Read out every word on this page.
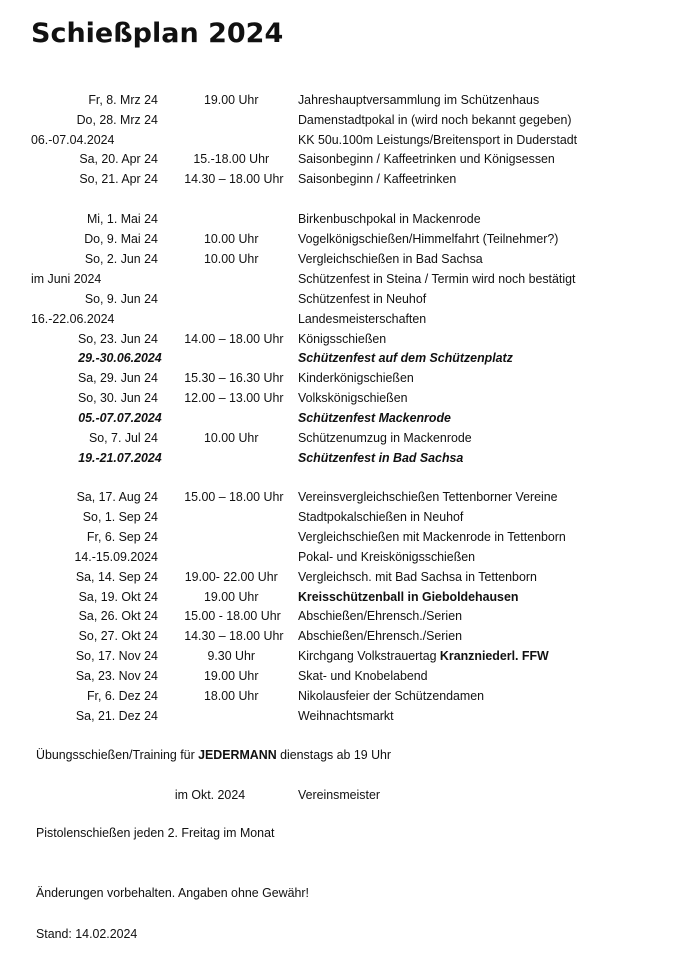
Schießplan 2024
Fr, 8. Mrz 24	19.00 Uhr	Jahreshauptversammlung im Schützenhaus
Do, 28. Mrz 24	Damenstadtpokal in (wird noch bekannt gegeben)
06.-07.04.2024	KK 50u.100m Leistungs/Breitensport in Duderstadt
Sa, 20. Apr 24	15.-18.00 Uhr	Saisonbeginn / Kaffeetrinken und Königsessen
So, 21. Apr 24 14.30 – 18.00 Uhr Saisonbeginn / Kaffeetrinken
Mi, 1. Mai 24	Birkenbuschpokal in Mackenrode
Do, 9. Mai 24	10.00 Uhr	Vogelkönigschießen/Himmelfahrt (Teilnehmer?)
So, 2. Jun 24	10.00 Uhr	Vergleichschießen in Bad Sachsa
im Juni 2024	Schützenfest in Steina / Termin wird noch bestätigt
So, 9. Jun 24	Schützenfest in Neuhof
16.-22.06.2024	Landesmeisterschaften
So, 23. Jun 24 14.00 – 18.00 Uhr Königsschießen
29.-30.06.2024	Schützenfest auf dem Schützenplatz
Sa, 29. Jun 24 15.30 – 16.30 Uhr Kinderkönigschießen
So, 30. Jun 24 12.00 – 13.00 Uhr Volkskönigschießen
05.-07.07.2024	Schützenfest Mackenrode
So, 7. Jul 24	10.00 Uhr	Schützenumzug in Mackenrode
19.-21.07.2024	Schützenfest in Bad Sachsa
Sa, 17. Aug 24 15.00 – 18.00 Uhr Vereinsvergleichschießen Tettenborner Vereine
So, 1. Sep 24	Stadtpokalschießen in Neuhof
Fr, 6. Sep 24	Vergleichschießen mit Mackenrode in Tettenborn
14.-15.09.2024	Pokal- und Kreiskönigsschießen
Sa, 14. Sep 24 19.00- 22.00 Uhr Vergleichsch. mit Bad Sachsa in Tettenborn
Sa, 19. Okt 24	19.00 Uhr	Kreisschützenball in Gieboldehausen
Sa, 26. Okt 24 15.00 - 18.00 Uhr Abschießen/Ehrensch./Serien
So, 27. Okt 24 14.30 – 18.00 Uhr Abschießen/Ehrensch./Serien
So, 17. Nov 24	9.30 Uhr	Kirchgang Volkstrauertag Kranzniederl. FFW
Sa, 23. Nov 24	19.00 Uhr	Skat- und Knobelabend
Fr, 6. Dez 24	18.00 Uhr	Nikolausfeier der Schützendamen
Sa, 21. Dez 24	Weihnachtsmarkt
Übungsschießen/Training für JEDERMANN dienstags ab 19 Uhr
im Okt. 2024	Vereinsmeister
Pistolenschießen jeden 2. Freitag im Monat
Änderungen vorbehalten. Angaben ohne Gewähr!
Stand: 14.02.2024
